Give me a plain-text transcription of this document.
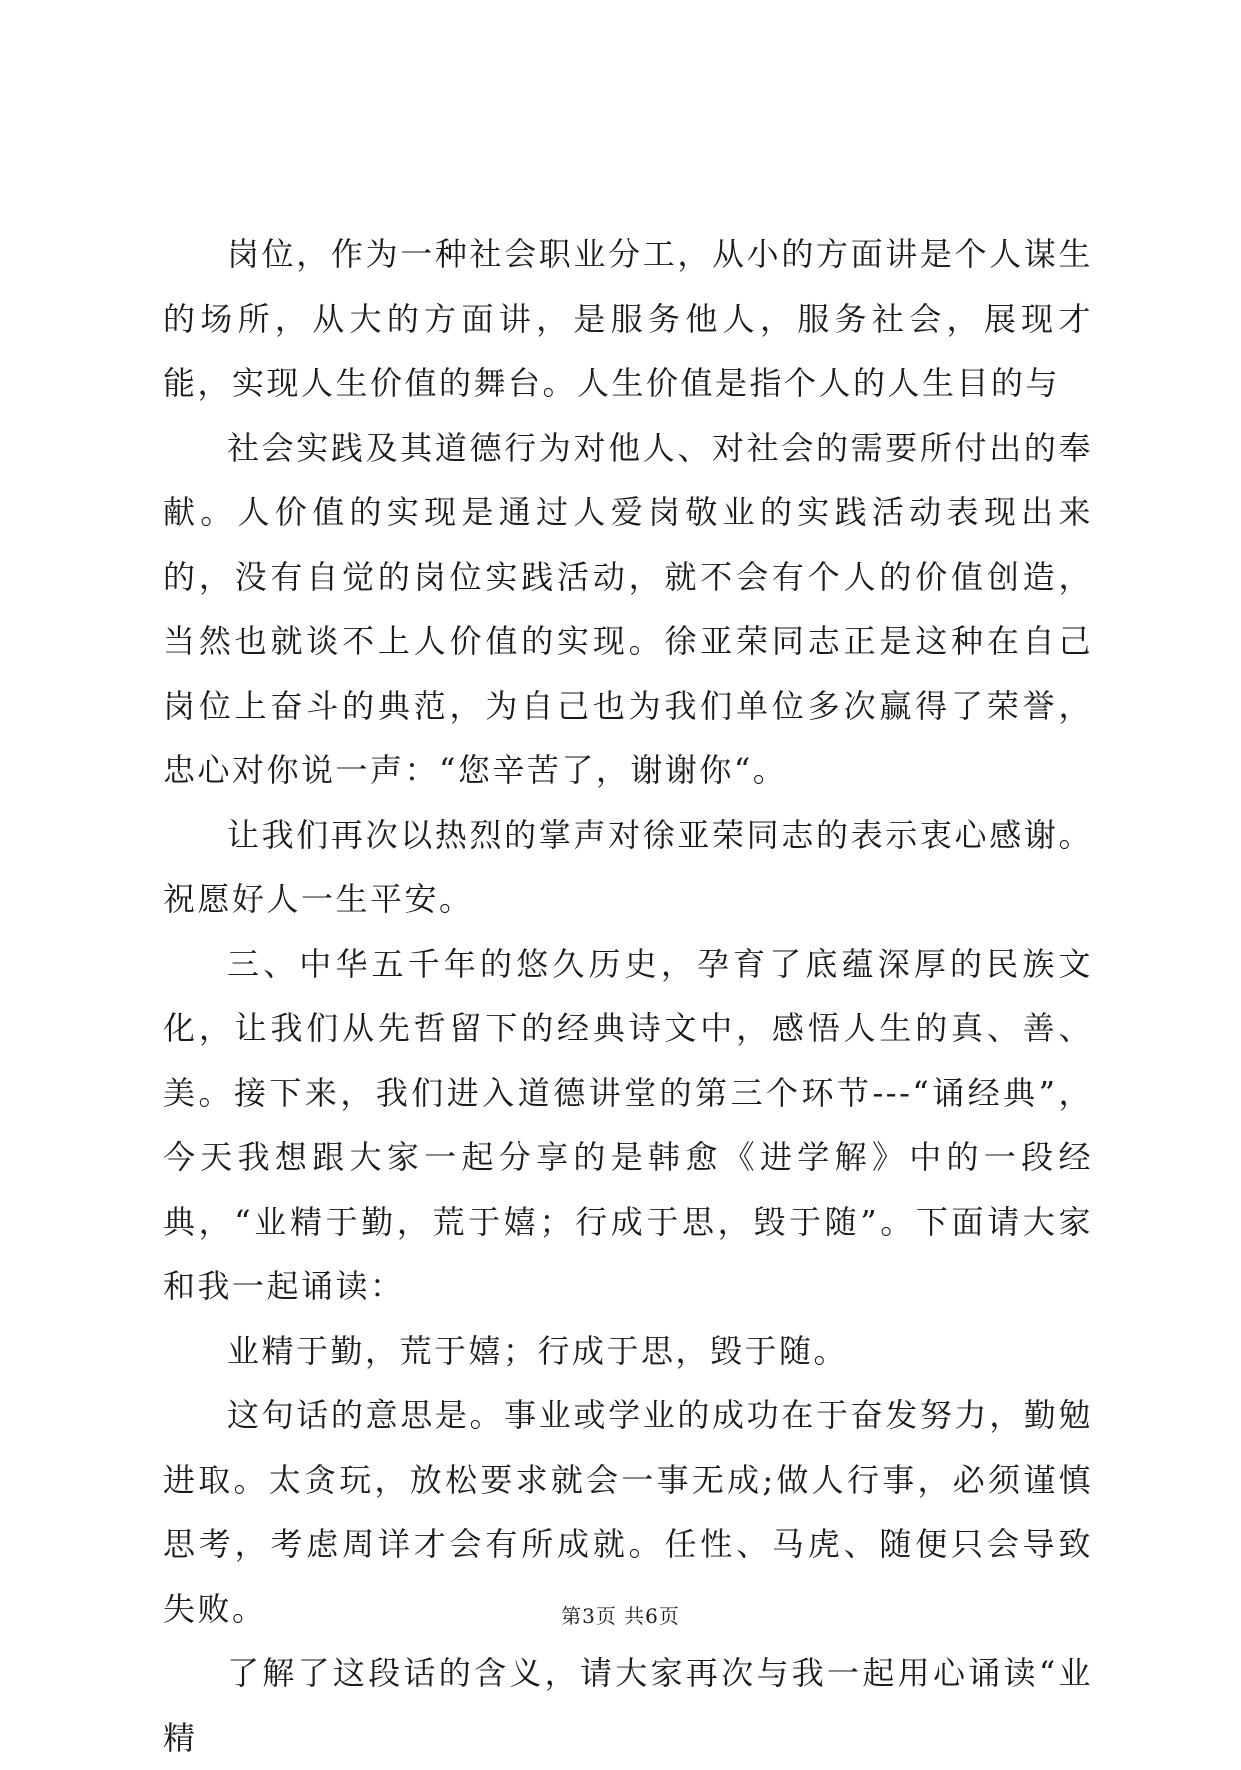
岗位，作为一种社会职业分工，从小的方面讲是个人谋生的场所，从大的方面讲，是服务他人，服务社会，展现才能，实现人生价值的舞台。人生价值是指个人的人生目的与

社会实践及其道德行为对他人、对社会的需要所付出的奉献。人价值的实现是通过人爱岗敬业的实践活动表现出来的，没有自觉的岗位实践活动，就不会有个人的价值创造，当然也就谈不上人价值的实现。徐亚荣同志正是这种在自己岗位上奋斗的典范，为自己也为我们单位多次赢得了荣誉，忠心对你说一声：“您辛苦了，谢谢你“。

让我们再次以热烈的掌声对徐亚荣同志的表示衷心感谢。祝愿好人一生平安。

三、中华五千年的悠久历史，孕育了底蕴深厚的民族文化，让我们从先哲留下的经典诗文中，感悟人生的真、善、美。接下来，我们进入道德讲堂的第三个环节---“诵经典”，今天我想跟大家一起分享的是韩愈《进学解》中的一段经典，“业精于勤，荒于嬉；行成于思，毁于随”。下面请大家和我一起诵读：

业精于勤，荒于嬉；行成于思，毁于随。

这句话的意思是。事业或学业的成功在于奋发努力，勤勉进取。太贪玩，放松要求就会一事无成;做人行事，必须谨慎思考，考虑周详才会有所成就。任性、马虎、随便只会导致失败。

了解了这段话的含义，请大家再次与我一起用心诵读“业精

第3页 共6页
